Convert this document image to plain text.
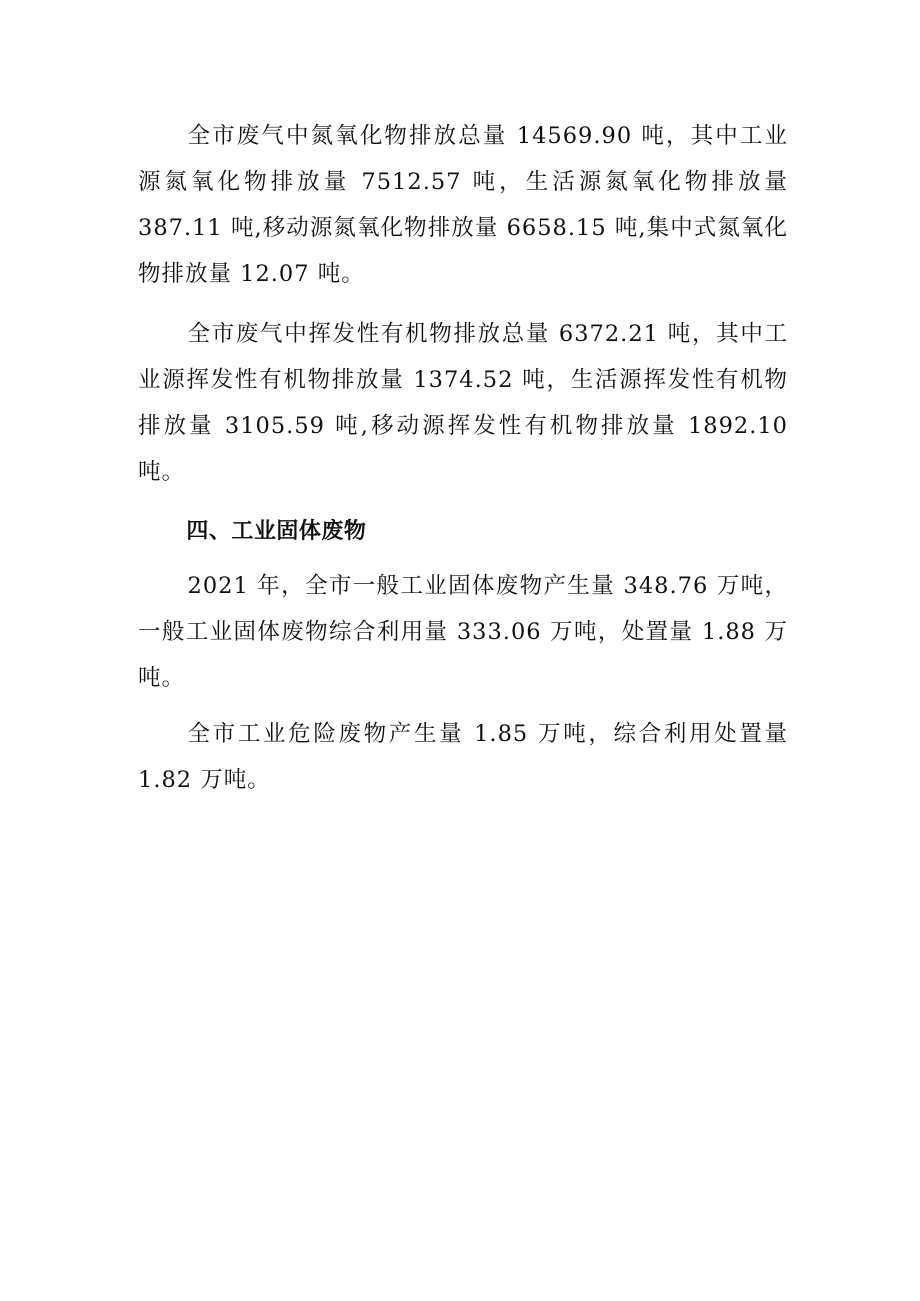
全市废气中氮氧化物排放总量 14569.90 吨，其中工业源氮氧化物排放量 7512.57 吨，生活源氮氧化物排放量 387.11 吨,移动源氮氧化物排放量 6658.15 吨,集中式氮氧化物排放量 12.07 吨。

全市废气中挥发性有机物排放总量 6372.21 吨，其中工业源挥发性有机物排放量 1374.52 吨，生活源挥发性有机物排放量 3105.59 吨,移动源挥发性有机物排放量 1892.10 吨。

四、工业固体废物

2021 年，全市一般工业固体废物产生量 348.76 万吨，一般工业固体废物综合利用量 333.06 万吨，处置量 1.88 万吨。

全市工业危险废物产生量 1.85 万吨，综合利用处置量 1.82 万吨。
